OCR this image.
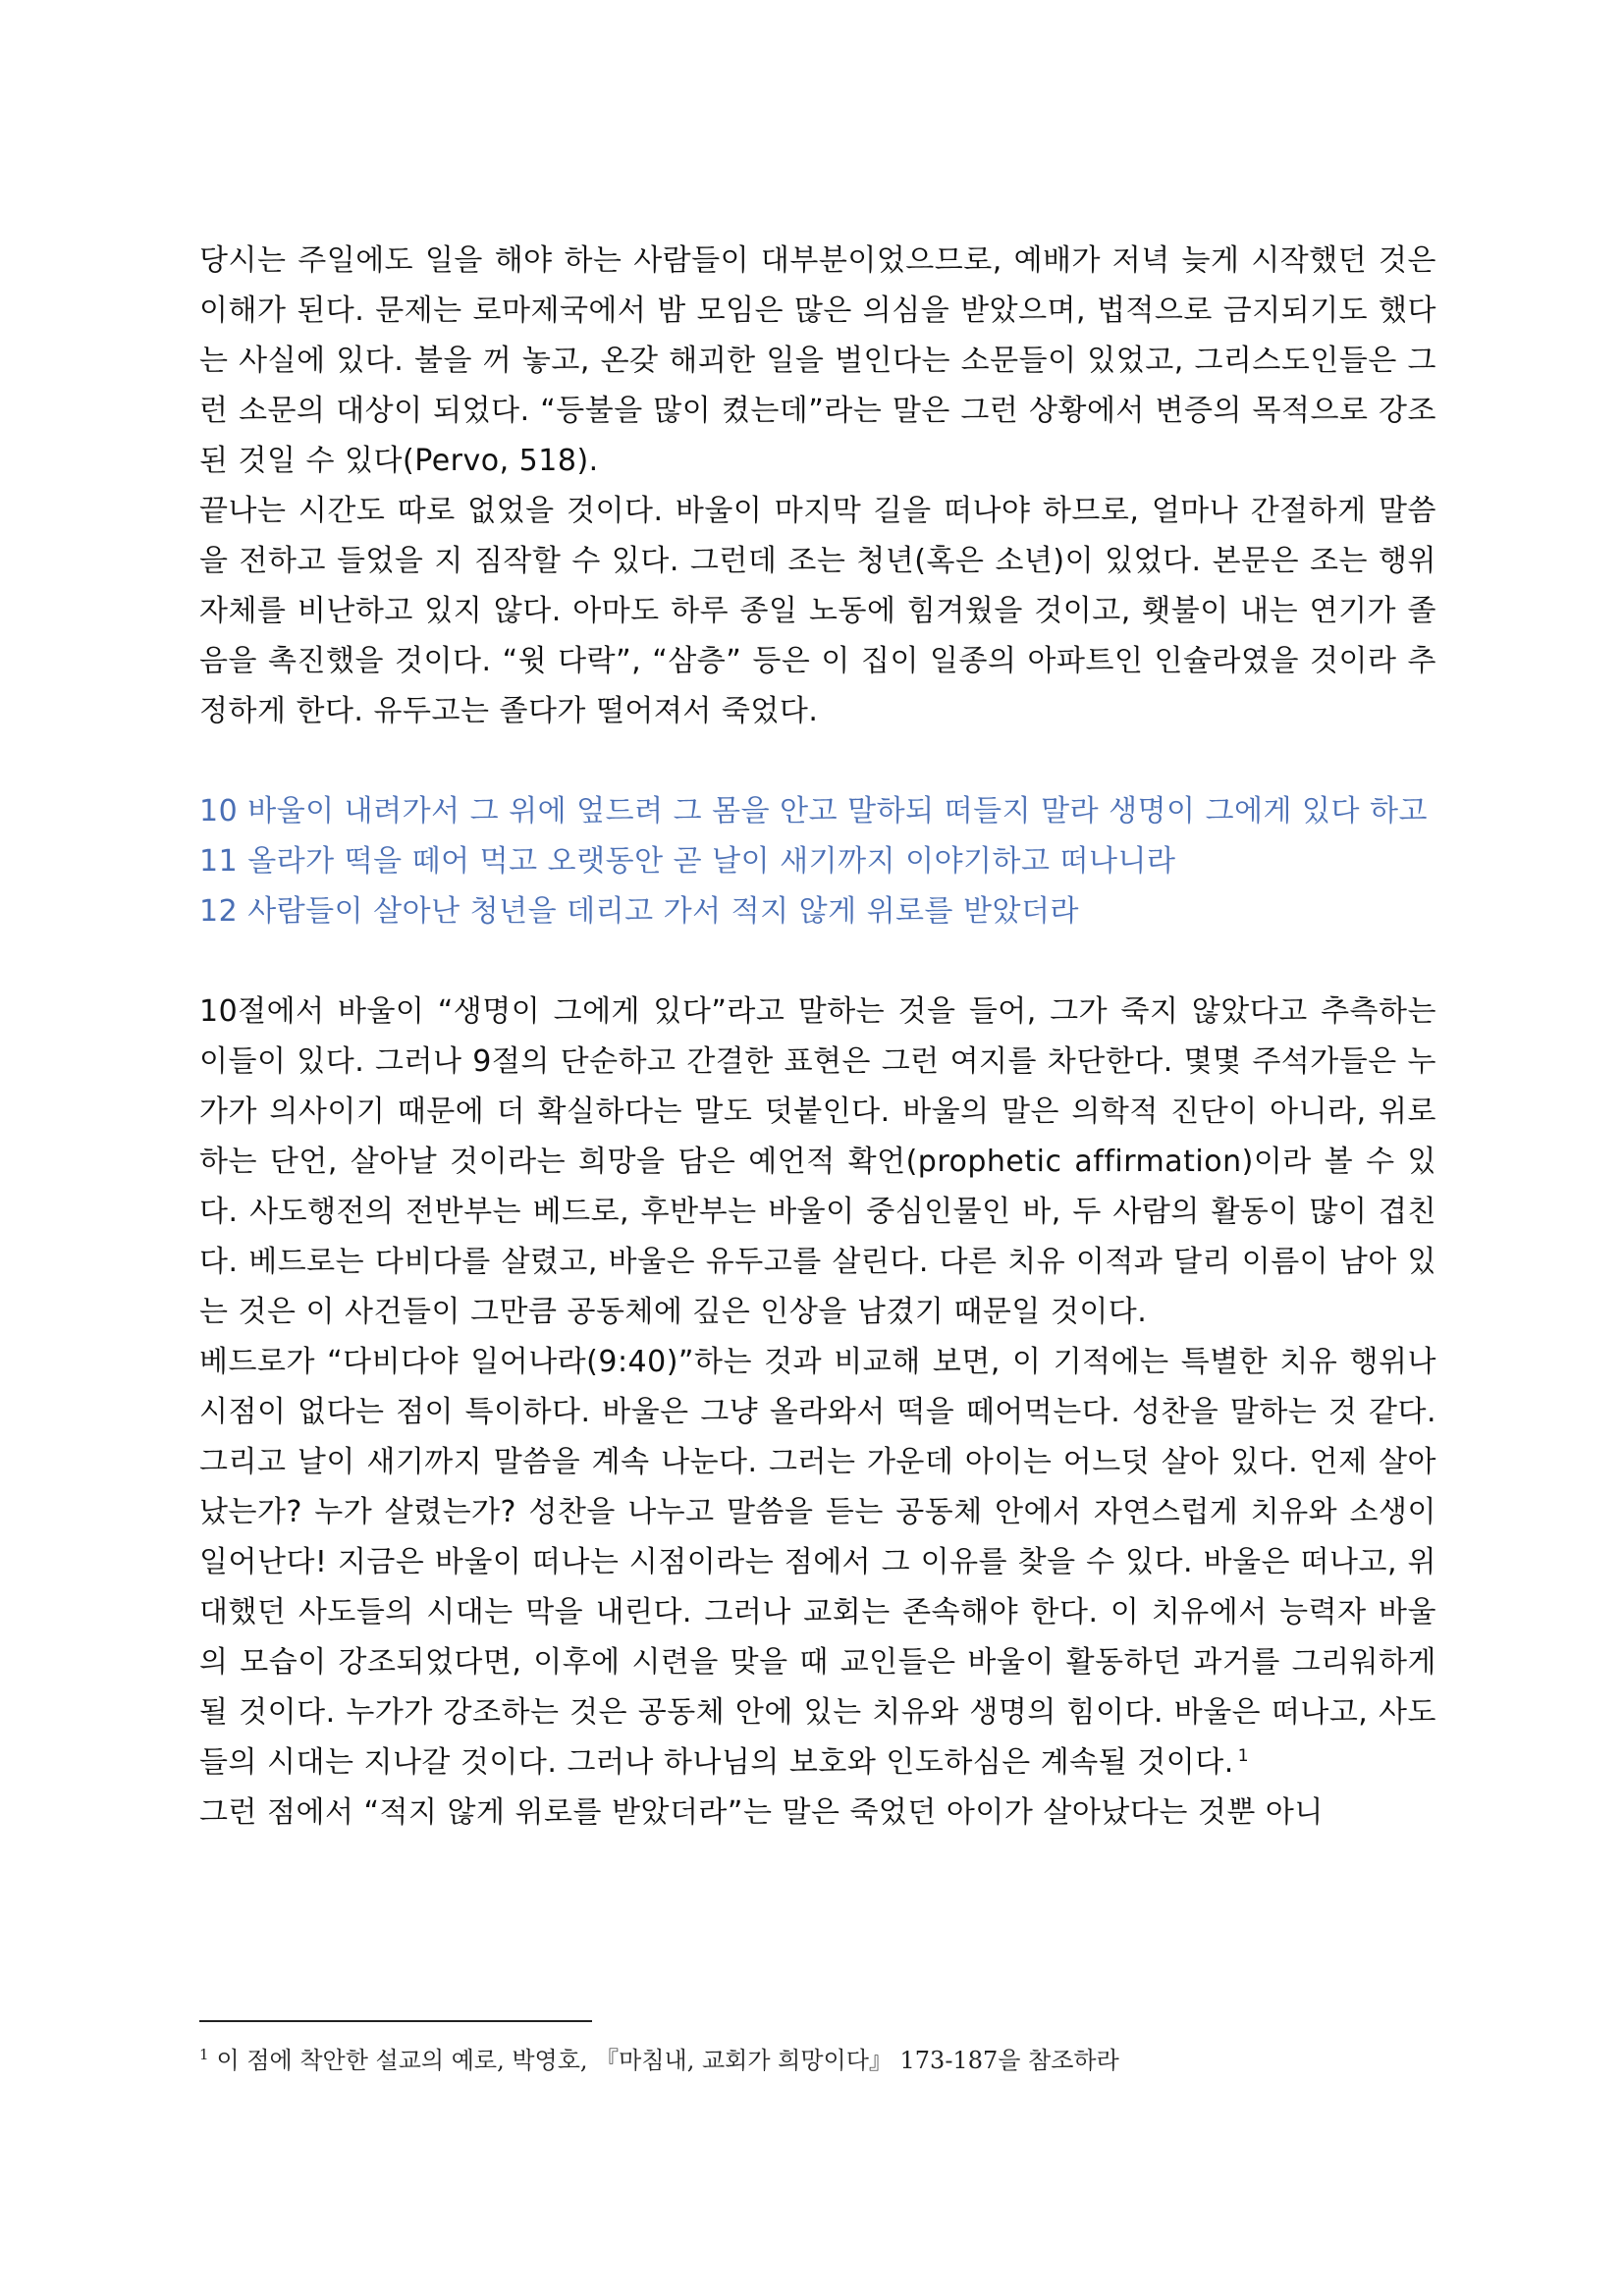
당시는 주일에도 일을 해야 하는 사람들이 대부분이었으므로, 예배가 저녁 늦게 시작했던 것은 이해가 된다. 문제는 로마제국에서 밤 모임은 많은 의심을 받았으며, 법적으로 금지되기도 했다는 사실에 있다. 불을 꺼 놓고, 온갖 해괴한 일을 벌인다는 소문들이 있었고, 그리스도인들은 그런 소문의 대상이 되었다. “등불을 많이 켰는데”라는 말은 그런 상황에서 변증의 목적으로 강조된 것일 수 있다(Pervo, 518).

끝나는 시간도 따로 없었을 것이다. 바울이 마지막 길을 떠나야 하므로, 얼마나 간절하게 말씀을 전하고 들었을 지 짐작할 수 있다. 그런데 조는 청년(혹은 소년)이 있었다. 본문은 조는 행위 자체를 비난하고 있지 않다. 아마도 하루 종일 노동에 힘겨웠을 것이고, 횃불이 내는 연기가 졸음을 촉진했을 것이다. “윗 다락”, “삼층” 등은 이 집이 일종의 아파트인 인슐라였을 것이라 추정하게 한다. 유두고는 졸다가 떨어져서 죽었다.

10 바울이 내려가서 그 위에 엎드려 그 몸을 안고 말하되 떠들지 말라 생명이 그에게 있다 하고 11 올라가 떡을 떼어 먹고 오랫동안 곧 날이 새기까지 이야기하고 떠나니라

12 사람들이 살아난 청년을 데리고 가서 적지 않게 위로를 받았더라

10절에서 바울이 “생명이 그에게 있다”라고 말하는 것을 들어, 그가 죽지 않았다고 추측하는 이들이 있다. 그러나 9절의 단순하고 간결한 표현은 그런 여지를 차단한다. 몇몇 주석가들은 누가가 의사이기 때문에 더 확실하다는 말도 덧붙인다. 바울의 말은 의학적 진단이 아니라, 위로하는 단언, 살아날 것이라는 희망을 담은 예언적 확언(prophetic affirmation)이라 볼 수 있다. 사도행전의 전반부는 베드로, 후반부는 바울이 중심인물인 바, 두 사람의 활동이 많이 겹친다. 베드로는 다비다를 살렸고, 바울은 유두고를 살린다. 다른 치유 이적과 달리 이름이 남아 있는 것은 이 사건들이 그만큼 공동체에 깊은 인상을 남겼기 때문일 것이다.

베드로가 “다비다야 일어나라(9:40)”하는 것과 비교해 보면, 이 기적에는 특별한 치유 행위나 시점이 없다는 점이 특이하다. 바울은 그냥 올라와서 떡을 떼어먹는다. 성찬을 말하는 것 같다. 그리고 날이 새기까지 말씀을 계속 나눈다. 그러는 가운데 아이는 어느덧 살아 있다. 언제 살아났는가? 누가 살렸는가? 성찬을 나누고 말씀을 듣는 공동체 안에서 자연스럽게 치유와 소생이 일어난다! 지금은 바울이 떠나는 시점이라는 점에서 그 이유를 찾을 수 있다. 바울은 떠나고, 위대했던 사도들의 시대는 막을 내린다. 그러나 교회는 존속해야 한다. 이 치유에서 능력자 바울의 모습이 강조되었다면, 이후에 시련을 맞을 때 교인들은 바울이 활동하던 과거를 그리워하게 될 것이다. 누가가 강조하는 것은 공동체 안에 있는 치유와 생명의 힘이다. 바울은 떠나고, 사도들의 시대는 지나갈 것이다. 그러나 하나님의 보호와 인도하심은 계속될 것이다. $^1$

그런 점에서 “적지 않게 위로를 받았더라”는 말은 죽었던 아이가 살아났다는 것뿐 아니

$^1$ 이 점에 착안한 설교의 예로, 박영호, 『마침내, 교회가 희망이다』 173-187을 참조하라
